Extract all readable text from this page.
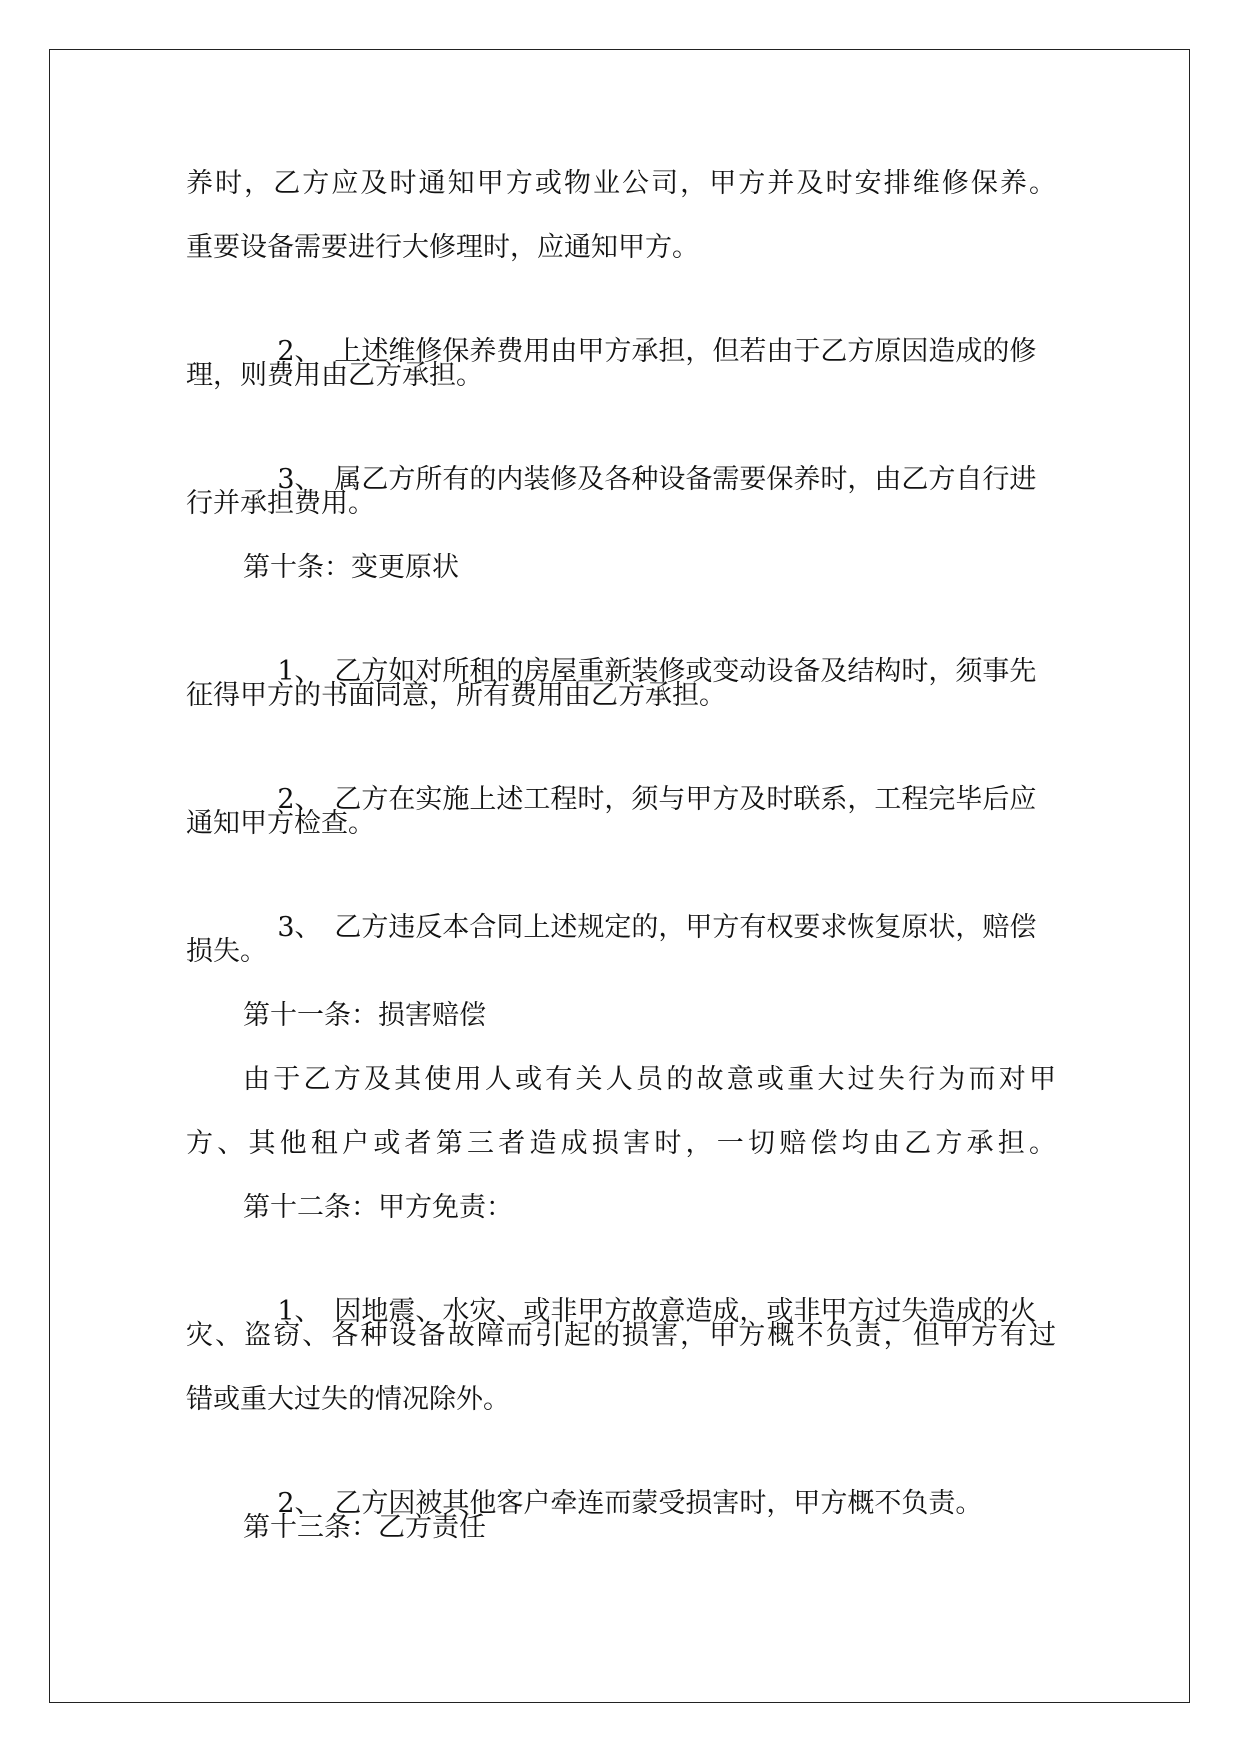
养时，乙方应及时通知甲方或物业公司，甲方并及时安排维修保养。
重要设备需要进行大修理时，应通知甲方。

2、 上述维修保养费用由甲方承担，但若由于乙方原因造成的修

理，则费用由乙方承担。

3、 属乙方所有的内装修及各种设备需要保养时，由乙方自行进

行并承担费用。
第十条：变更原状

1、 乙方如对所租的房屋重新装修或变动设备及结构时，须事先

征得甲方的书面同意，所有费用由乙方承担。

2、 乙方在实施上述工程时，须与甲方及时联系，工程完毕后应

通知甲方检查。

3、 乙方违反本合同上述规定的，甲方有权要求恢复原状，赔偿

损失。
第十一条：损害赔偿
由于乙方及其使用人或有关人员的故意或重大过失行为而对甲
方、其他租户或者第三者造成损害时，一切赔偿均由乙方承担。
第十二条：甲方免责：

1、 因地震、水灾、或非甲方故意造成，或非甲方过失造成的火

灾、盗窃、各种设备故障而引起的损害，甲方概不负责，但甲方有过
错或重大过失的情况除外。

2、 乙方因被其他客户牵连而蒙受损害时，甲方概不负责。

第十三条：乙方责任
